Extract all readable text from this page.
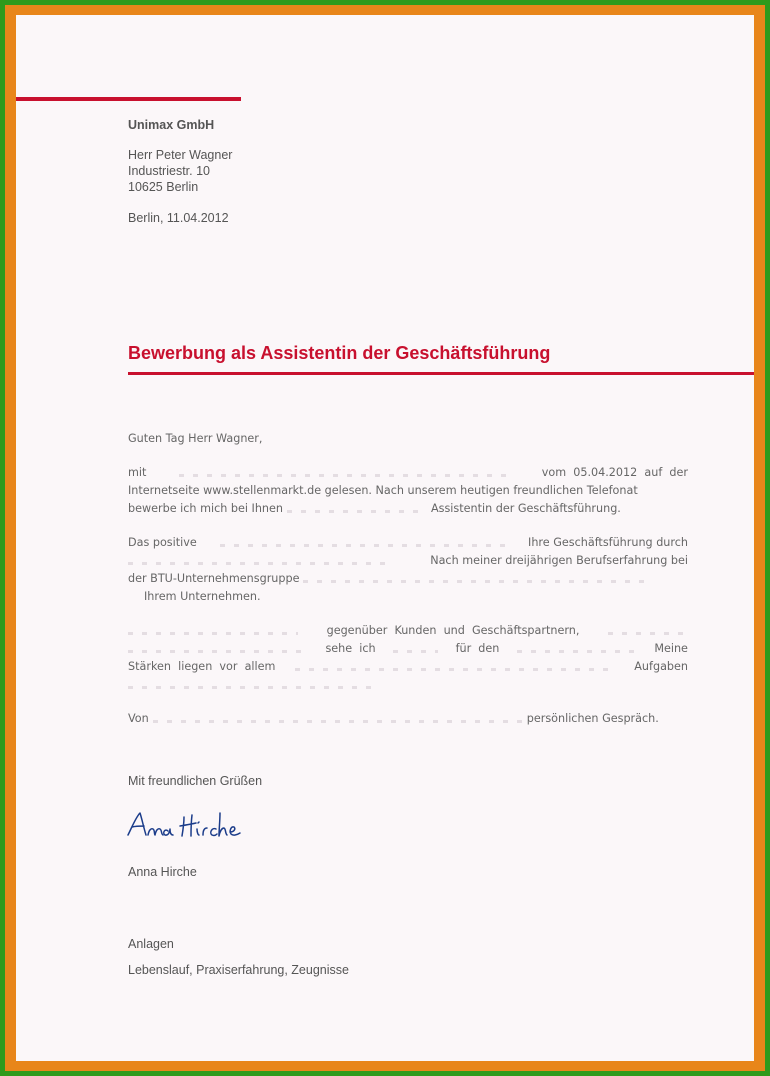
Unimax GmbH
Herr Peter Wagner
Industriestr. 10
10625 Berlin
Berlin, 11.04.2012
Bewerbung als Assistentin der Geschäftsführung
Guten Tag Herr Wagner,
mit	vom  05.04.2012  auf  der
Internetseite www.stellenmarkt.de gelesen. Nach unserem heutigen freundlichen Telefonat
bewerbe ich mich bei Ihnen	Assistentin der Geschäftsführung.
Das positive	Ihre Geschäftsführung durch
Nach meiner dreijährigen Berufserfahrung bei
der BTU-Unternehmensgruppe
Ihrem Unternehmen.
gegenüber  Kunden  und  Geschäftspartnern,
sehe  ich	für  den	Meine
Stärken  liegen  vor  allem	Aufgaben
Von	persönlichen Gespräch.
Mit freundlichen Grüßen
Anna Hirche
Anlagen
Lebenslauf, Praxiserfahrung, Zeugnisse
